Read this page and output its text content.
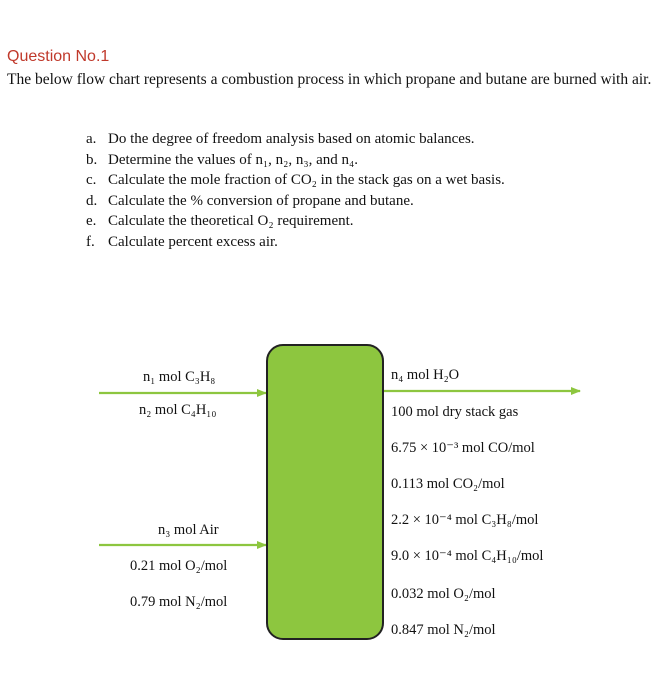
Question No.1
The below flow chart represents a combustion process in which propane and butane are burned with air.
a. Do the degree of freedom analysis based on atomic balances.
b. Determine the values of n₁, n₂, n₃, and n₄.
c. Calculate the mole fraction of CO₂ in the stack gas on a wet basis.
d. Calculate the % conversion of propane and butane.
e. Calculate the theoretical O₂ requirement.
f. Calculate percent excess air.
n₁ mol C₃H₈
n₂ mol C₄H₁₀
n₃ mol Air
0.21 mol O₂/mol
0.79 mol N₂/mol
n₄ mol H₂O
100 mol dry stack gas
6.75 × 10⁻³ mol CO/mol
0.113 mol CO₂/mol
2.2 × 10⁻⁴ mol C₃H₈/mol
9.0 × 10⁻⁴ mol C₄H₁₀/mol
0.032 mol O₂/mol
0.847 mol N₂/mol
